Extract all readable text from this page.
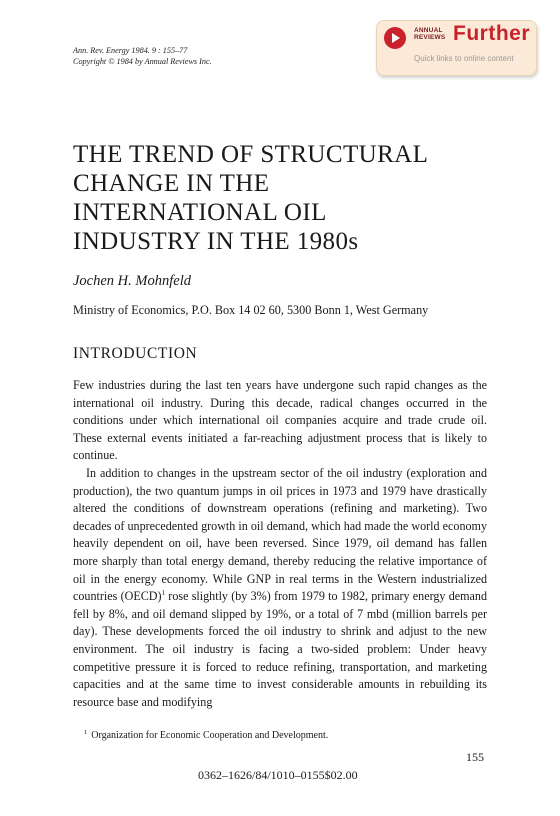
Ann. Rev. Energy 1984. 9 : 155–77
Copyright © 1984 by Annual Reviews Inc.
ANNUAL
REVIEWS Further
Quick links to online content
THE TREND OF STRUCTURAL
CHANGE IN THE
INTERNATIONAL OIL
INDUSTRY IN THE 1980s
Jochen H. Mohnfeld
Ministry of Economics, P.O. Box 14 02 60, 5300 Bonn 1, West Germany
INTRODUCTION

Few industries during the last ten years have undergone such rapid changes as the international oil industry. During this decade, radical changes occurred in the conditions under which international oil companies acquire and trade crude oil. These external events initiated a far-reaching adjustment process that is likely to continue.

In addition to changes in the upstream sector of the oil industry (exploration and production), the two quantum jumps in oil prices in 1973 and 1979 have drastically altered the conditions of downstream operations (refining and marketing). Two decades of unprecedented growth in oil demand, which had made the world economy heavily dependent on oil, have been reversed. Since 1979, oil demand has fallen more sharply than total energy demand, thereby reducing the relative importance of oil in the energy economy. While GNP in real terms in the Western industrialized countries (OECD)$^1$ rose slightly (by 3%) from 1979 to 1982, primary energy demand fell by 8%, and oil demand slipped by 19%, or a total of 7 mbd (million barrels per day). These developments forced the oil industry to shrink and adjust to the new environment. The oil industry is facing a two-sided problem: Under heavy competitive pressure it is forced to reduce refining, transportation, and marketing capacities and at the same time to invest considerable amounts in rebuilding its resource base and modifying

$^1$ Organization for Economic Cooperation and Development.
155
0362–1626/84/1010–0155$02.00
